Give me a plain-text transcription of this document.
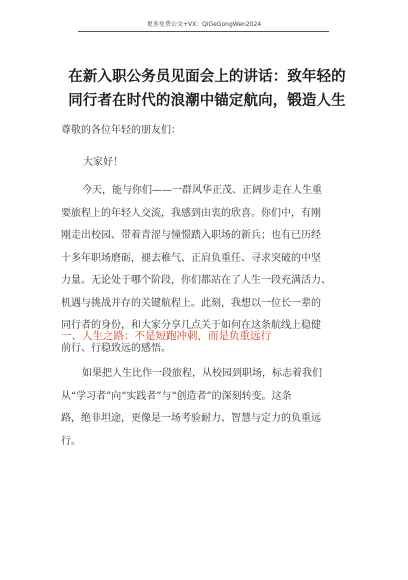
更多免费公文+VX：QiGeGongWen2024
在新入职公务员见面会上的讲话：致年轻的
同行者在时代的浪潮中锚定航向，锻造人生
尊敬的各位年轻的朋友们：
大家好！
今天，能与你们——一群风华正茂、正阔步走在人生重
要旅程上的年轻人交流，我感到由衷的欣喜。你们中，有刚
刚走出校园、带着青涩与憧憬踏入职场的新兵；也有已历经
十多年职场磨砺，褪去稚气、正肩负重任、寻求突破的中坚
力量。无论处于哪个阶段，你们都站在了人生一段充满活力、
机遇与挑战并存的关键航程上。此刻，我想以一位长一辈的
同行者的身份，和大家分享几点关于如何在这条航线上稳健
前行、行稳致远的感悟。
一、人生之路：不是短跑冲刺，而是负重远行
如果把人生比作一段旅程，从校园到职场，标志着我们
从“学习者”向“实践者”与“创造者”的深刻转变。这条
路，绝非坦途，更像是一场考验耐力、智慧与定力的负重远
行。
